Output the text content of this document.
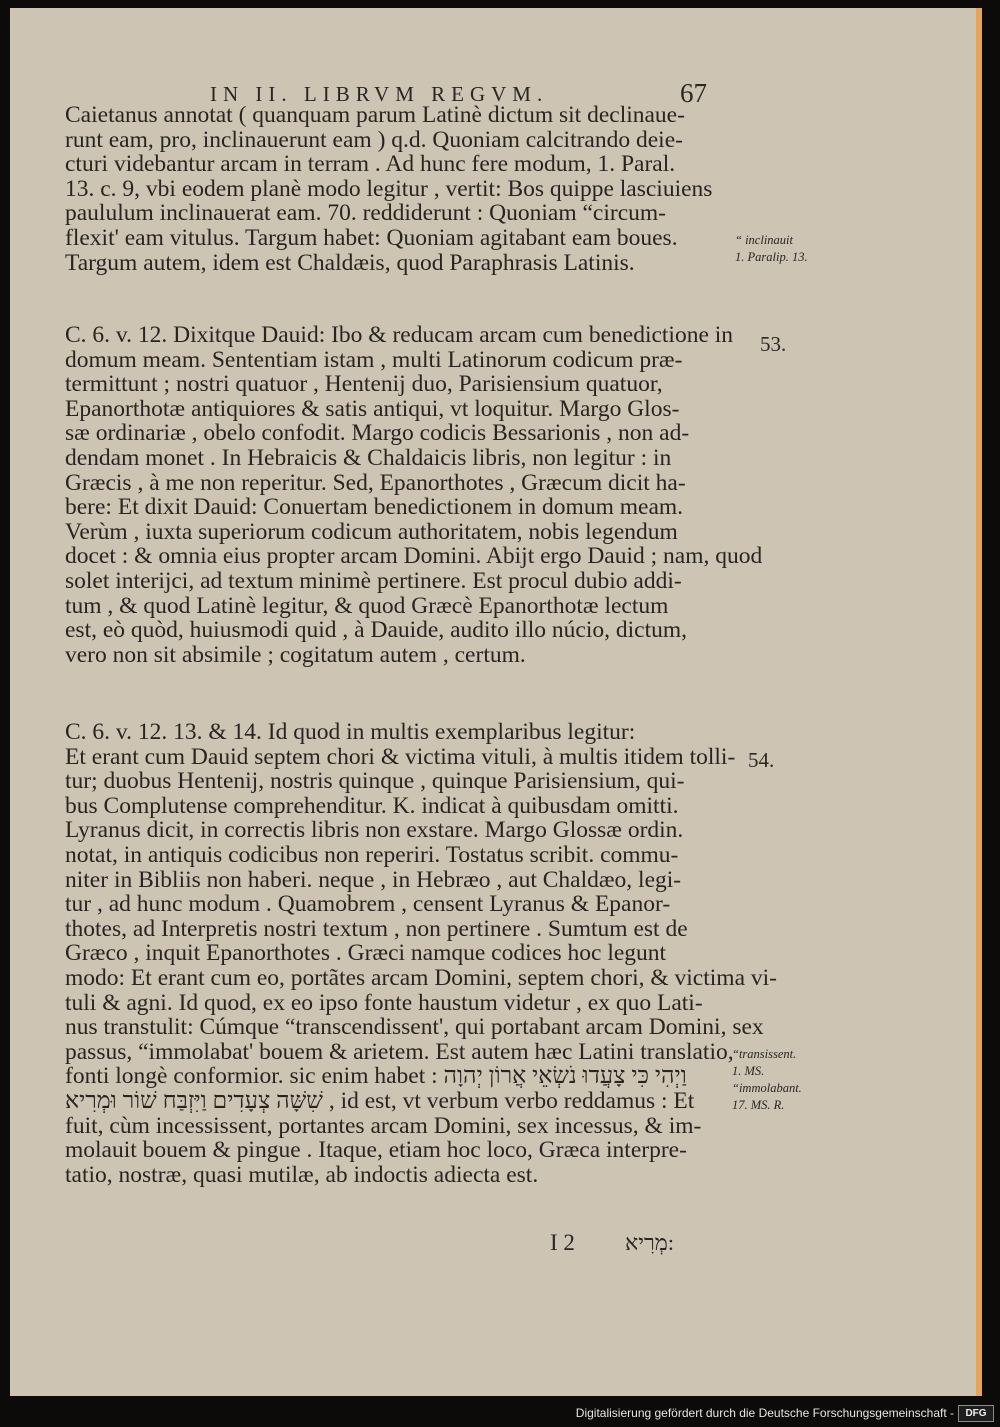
IN II. LIBRVM REGVM.	67
Caietanus annotat ( quanquam parum Latinè dictum sit declinaue-
runt eam, pro, inclinauerunt eam ) q.d. Quoniam calcitrando deie-
cturi videbantur arcam in terram . Ad hunc fere modum, 1. Paral.
13. c. 9, vbi eodem planè modo legitur , vertit: Bos quippe lasciuiens
paululum inclinauerat eam. 70. reddiderunt : Quoniam “circum-
flexit' eam vitulus. Targum habet: Quoniam agitabant eam boues.
Targum autem, idem est Chaldæis, quod Paraphrasis Latinis.
C. 6. v. 12. Dixitque Dauid: Ibo & reducam arcam cum benedictione in
domum meam. Sententiam istam , multi Latinorum codicum præ-
termittunt ; nostri quatuor , Hentenij duo, Parisiensium quatuor,
Epanorthotæ antiquiores & satis antiqui, vt loquitur. Margo Glos-
sæ ordinariæ , obelo confodit. Margo codicis Bessarionis , non ad-
dendam monet . In Hebraicis & Chaldaicis libris, non legitur : in
Græcis , à me non reperitur. Sed, Epanorthotes , Græcum dicit ha-
bere: Et dixit Dauid: Conuertam benedictionem in domum meam.
Verùm , iuxta superiorum codicum authoritatem, nobis legendum
docet : & omnia eius propter arcam Domini. Abijt ergo Dauid ; nam, quod
solet interijci, ad textum minimè pertinere. Est procul dubio addi-
tum , & quod Latinè legitur, & quod Græcè Epanorthotæ lectum
est, eò quòd, huiusmodi quid , à Dauide, audito illo núcio, dictum,
vero non sit absimile ; cogitatum autem , certum.
C. 6. v. 12. 13. & 14. Id quod in multis exemplaribus legitur:
Et erant cum Dauid septem chori & victima vituli, à multis itidem tolli-
tur; duobus Hentenij, nostris quinque , quinque Parisiensium, qui-
bus Complutense comprehenditur. K. indicat à quibusdam omitti.
Lyranus dicit, in correctis libris non exstare. Margo Glossæ ordin.
notat, in antiquis codicibus non reperiri. Tostatus scribit. commu-
niter in Bibliis non haberi. neque , in Hebræo , aut Chaldæo, legi-
tur , ad hunc modum . Quamobrem , censent Lyranus & Epanor-
thotes, ad Interpretis nostri textum , non pertinere . Sumtum est de
Græco , inquit Epanorthotes . Græci namque codices hoc legunt
modo: Et erant cum eo, portãtes arcam Domini, septem chori, & victima vi-
tuli & agni. Id quod, ex eo ipso fonte haustum videtur , ex quo Lati-
nus transtulit: Cúmque “transcendissent', qui portabant arcam Domini, sex
passus, “immolabat' bouem & arietem. Est autem hæc Latini translatio,
fonti longè conformior. sic enim habet : וַיְהִי כִּי צָעֲדוּ נֹשְׂאֵי אֲרוֹן יְהוָה
שִׁשָּׁה צְעָדִים וַיִּזְבַּח שׁוֹר וּמְרִיא , id est, vt verbum verbo reddamus : Et
fuit, cùm incessissent, portantes arcam Domini, sex incessus, & im-
molauit bouem & pingue . Itaque, etiam hoc loco, Græca interpre-
tatio, nostræ, quasi mutilæ, ab indoctis adiecta est.
“ inclinauit
1. Paralip. 13.
“transissent.
1. MS.
“immolabant.
17. MS. R.
53.
54.
I 2 מְרִיא:
Digitalisierung gefördert durch die Deutsche Forschungsgemeinschaft -	DFG
